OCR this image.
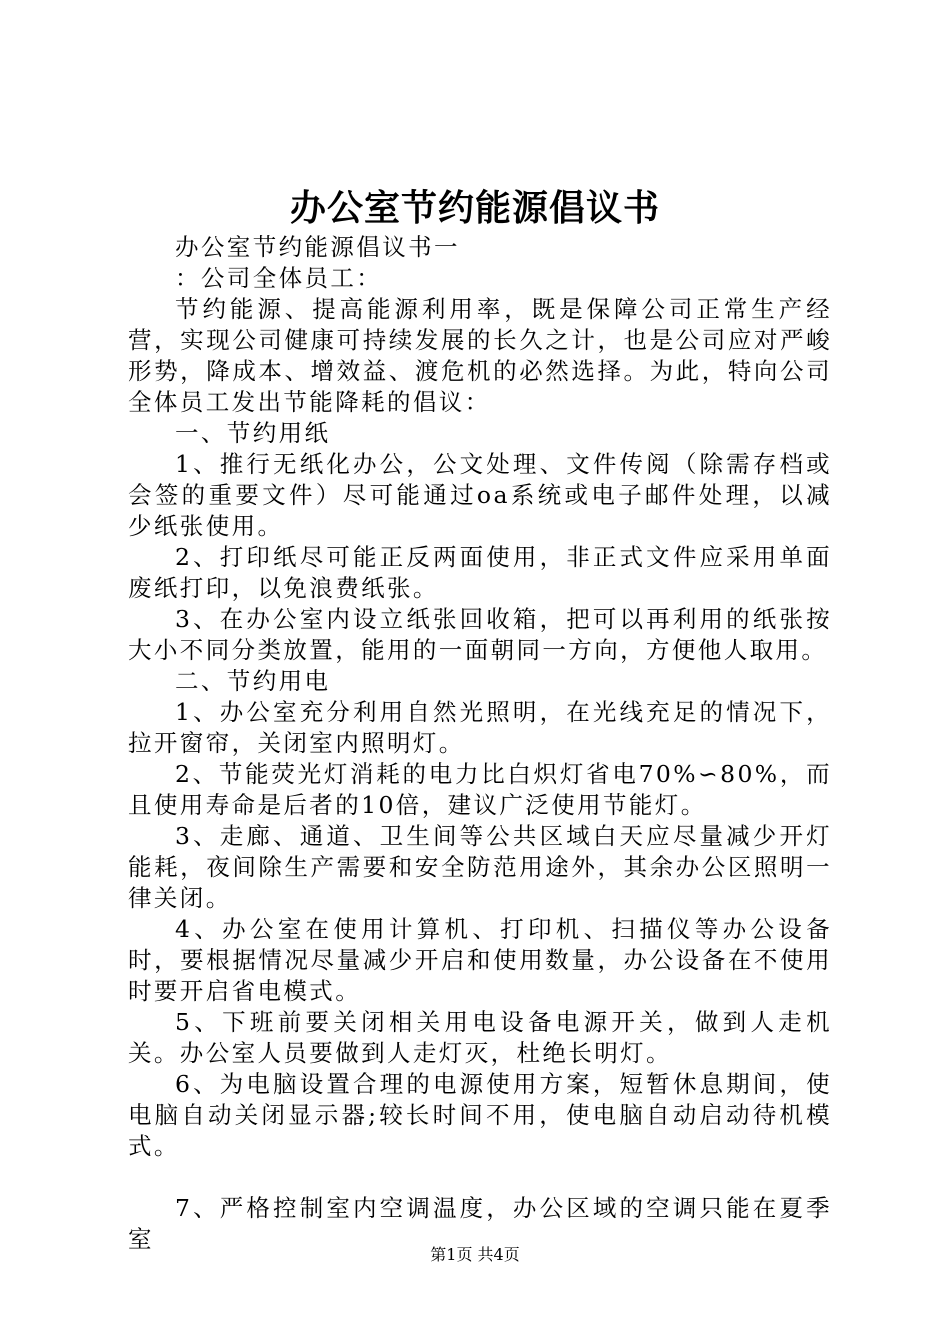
办公室节约能源倡议书

办公室节约能源倡议书一

：公司全体员工：

节约能源、提高能源利用率，既是保障公司正常生产经营，实现公司健康可持续发展的长久之计，也是公司应对严峻形势，降成本、增效益、渡危机的必然选择。为此，特向公司全体员工发出节能降耗的倡议：

一、节约用纸

1、推行无纸化办公，公文处理、文件传阅（除需存档或会签的重要文件）尽可能通过oa系统或电子邮件处理，以减少纸张使用。

2、打印纸尽可能正反两面使用，非正式文件应采用单面废纸打印，以免浪费纸张。

3、在办公室内设立纸张回收箱，把可以再利用的纸张按大小不同分类放置，能用的一面朝同一方向，方便他人取用。

二、节约用电

1、办公室充分利用自然光照明，在光线充足的情况下，拉开窗帘，关闭室内照明灯。

2、节能荧光灯消耗的电力比白炽灯省电70%∽80%，而且使用寿命是后者的10倍，建议广泛使用节能灯。

3、走廊、通道、卫生间等公共区域白天应尽量减少开灯能耗，夜间除生产需要和安全防范用途外，其余办公区照明一律关闭。

4、办公室在使用计算机、打印机、扫描仪等办公设备时，要根据情况尽量减少开启和使用数量，办公设备在不使用时要开启省电模式。

5、下班前要关闭相关用电设备电源开关，做到人走机关。办公室人员要做到人走灯灭，杜绝长明灯。

6、为电脑设置合理的电源使用方案，短暂休息期间，使电脑自动关闭显示器;较长时间不用，使电脑自动启动待机模式。

7、严格控制室内空调温度，办公区域的空调只能在夏季室

第1页 共4页
